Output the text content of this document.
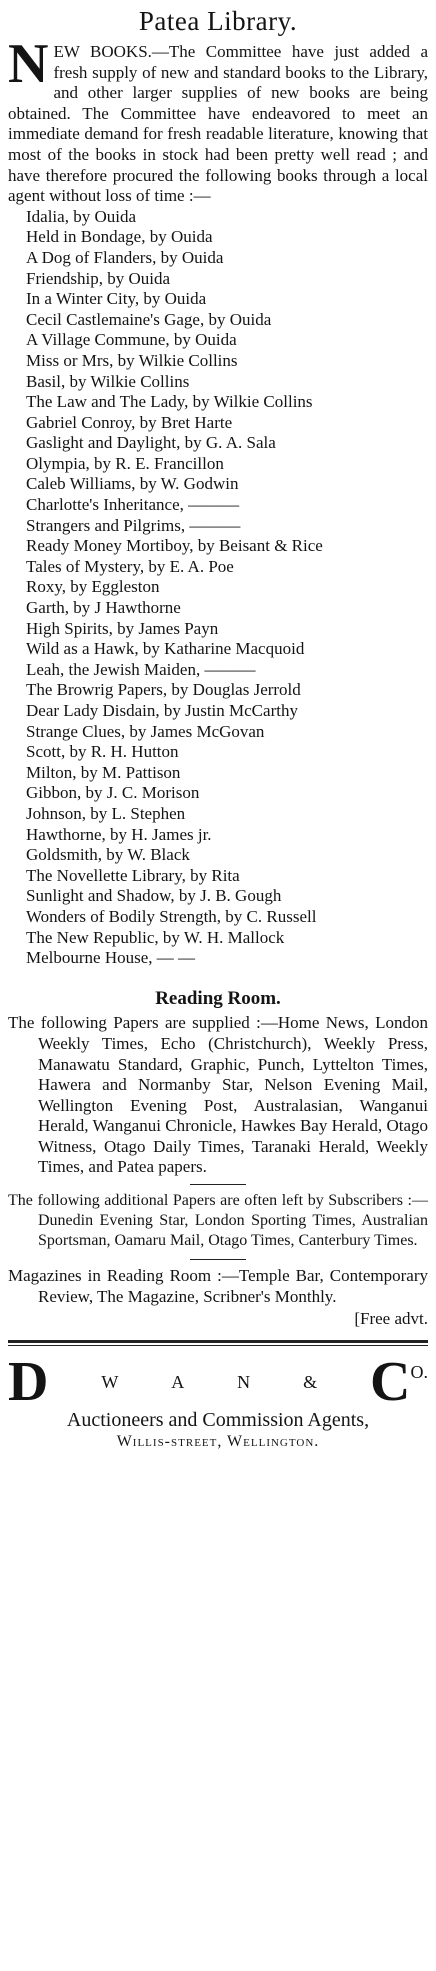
Patea Library.
NEW BOOKS.—The Committee have just added a fresh supply of new and standard books to the Library, and other larger supplies of new books are being obtained. The Committee have endeavored to meet an immediate demand for fresh readable literature, knowing that most of the books in stock had been pretty well read ; and have therefore procured the following books through a local agent without loss of time :—
Idalia, by Ouida
Held in Bondage, by Ouida
A Dog of Flanders, by Ouida
Friendship, by Ouida
In a Winter City, by Ouida
Cecil Castlemaine's Gage, by Ouida
A Village Commune, by Ouida
Miss or Mrs, by Wilkie Collins
Basil, by Wilkie Collins
The Law and The Lady, by Wilkie Collins
Gabriel Conroy, by Bret Harte
Gaslight and Daylight, by G. A. Sala
Olympia, by R. E. Francillon
Caleb Williams, by W. Godwin
Charlotte's Inheritance, ———
Strangers and Pilgrims, ———
Ready Money Mortiboy, by Beisant & Rice
Tales of Mystery, by E. A. Poe
Roxy, by Eggleston
Garth, by J Hawthorne
High Spirits, by James Payn
Wild as a Hawk, by Katharine Macquoid
Leah, the Jewish Maiden, ———
The Browrig Papers, by Douglas Jerrold
Dear Lady Disdain, by Justin McCarthy
Strange Clues, by James McGovan
Scott, by R. H. Hutton
Milton, by M. Pattison
Gibbon, by J. C. Morison
Johnson, by L. Stephen
Hawthorne, by H. James jr.
Goldsmith, by W. Black
The Novellette Library, by Rita
Sunlight and Shadow, by J. B. Gough
Wonders of Bodily Strength, by C. Russell
The New Republic, by W. H. Mallock
Melbourne House, — —
Reading Room.
The following Papers are supplied :—Home News, London Weekly Times, Echo (Christchurch), Weekly Press, Manawatu Standard, Graphic, Punch, Lyttelton Times, Hawera and Normanby Star, Nelson Evening Mail, Wellington Evening Post, Australasian, Wanganui Herald, Wanganui Chronicle, Hawkes Bay Herald, Otago Witness, Otago Daily Times, Taranaki Herald, Weekly Times, and Patea papers.
The following additional Papers are often left by Subscribers :—Dunedin Evening Star, London Sporting Times, Australian Sportsman, Oamaru Mail, Otago Times, Canterbury Times.
Magazines in Reading Room :—Temple Bar, Contemporary Review, The Magazine, Scribner's Monthly.
[Free advt.
D	W	A	N	& C O.
Auctioneers and Commission Agents,
Willis-street, Wellington.
